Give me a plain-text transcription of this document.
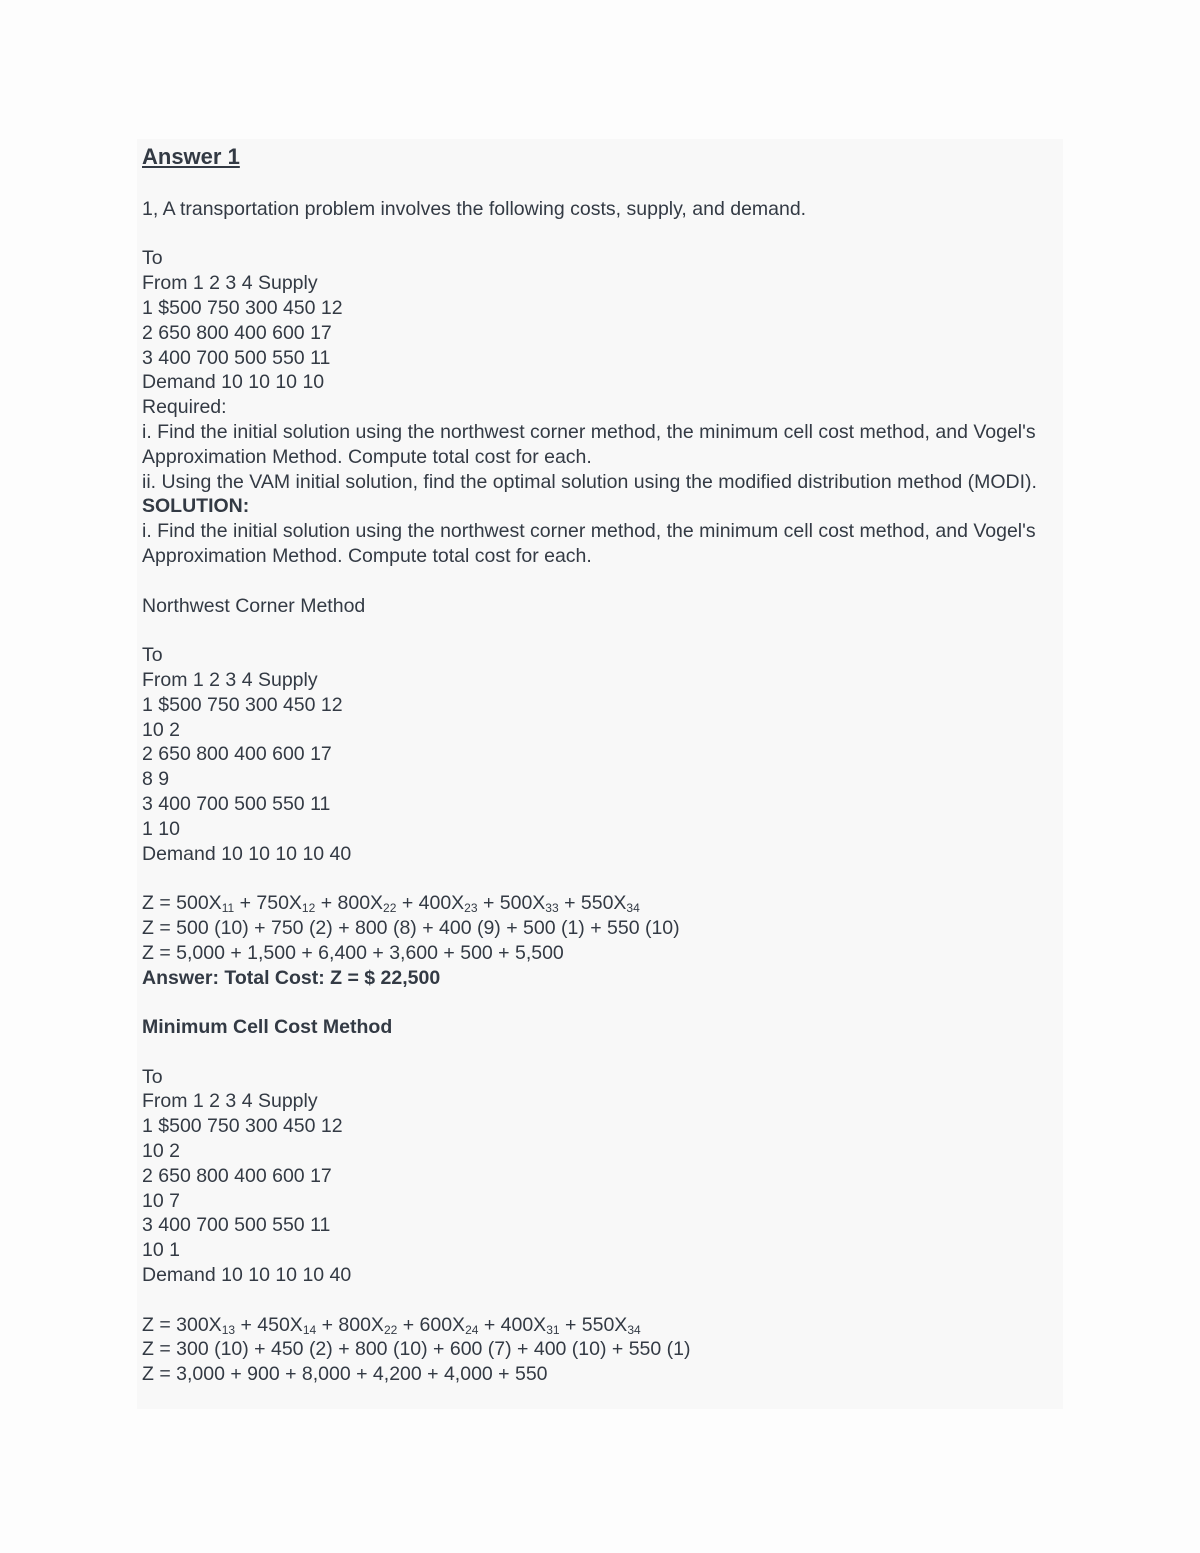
Answer 1
1, A transportation problem involves the following costs, supply, and demand.
To
From 1 2 3 4 Supply
1 $500 750 300 450 12
2 650 800 400 600 17
3 400 700 500 550 11
Demand 10 10 10 10
Required:
i. Find the initial solution using the northwest corner method, the minimum cell cost method, and Vogel's Approximation Method. Compute total cost for each.
ii. Using the VAM initial solution, find the optimal solution using the modified distribution method (MODI).
SOLUTION:
i. Find the initial solution using the northwest corner method, the minimum cell cost method, and Vogel's Approximation Method. Compute total cost for each.
Northwest Corner Method
To
From 1 2 3 4 Supply
1 $500 750 300 450 12
10 2
2 650 800 400 600 17
8 9
3 400 700 500 550 11
1 10
Demand 10 10 10 10 40
$Z = 500X_{11} + 750X_{12} + 800X_{22} + 400X_{23} + 500X_{33} + 550X_{34}$
Z = 500 (10) + 750 (2) + 800 (8) + 400 (9) + 500 (1) + 550 (10)
Z = 5,000 + 1,500 + 6,400 + 3,600 + 500 + 5,500
Answer: Total Cost: Z = $ 22,500
Minimum Cell Cost Method
To
From 1 2 3 4 Supply
1 $500 750 300 450 12
10 2
2 650 800 400 600 17
10 7
3 400 700 500 550 11
10 1
Demand 10 10 10 10 40
$Z = 300X_{13} + 450X_{14} + 800X_{22} + 600X_{24} + 400X_{31} + 550X_{34}$
Z = 300 (10) + 450 (2) + 800 (10) + 600 (7) + 400 (10) + 550 (1)
Z = 3,000 + 900 + 8,000 + 4,200 + 4,000 + 550
